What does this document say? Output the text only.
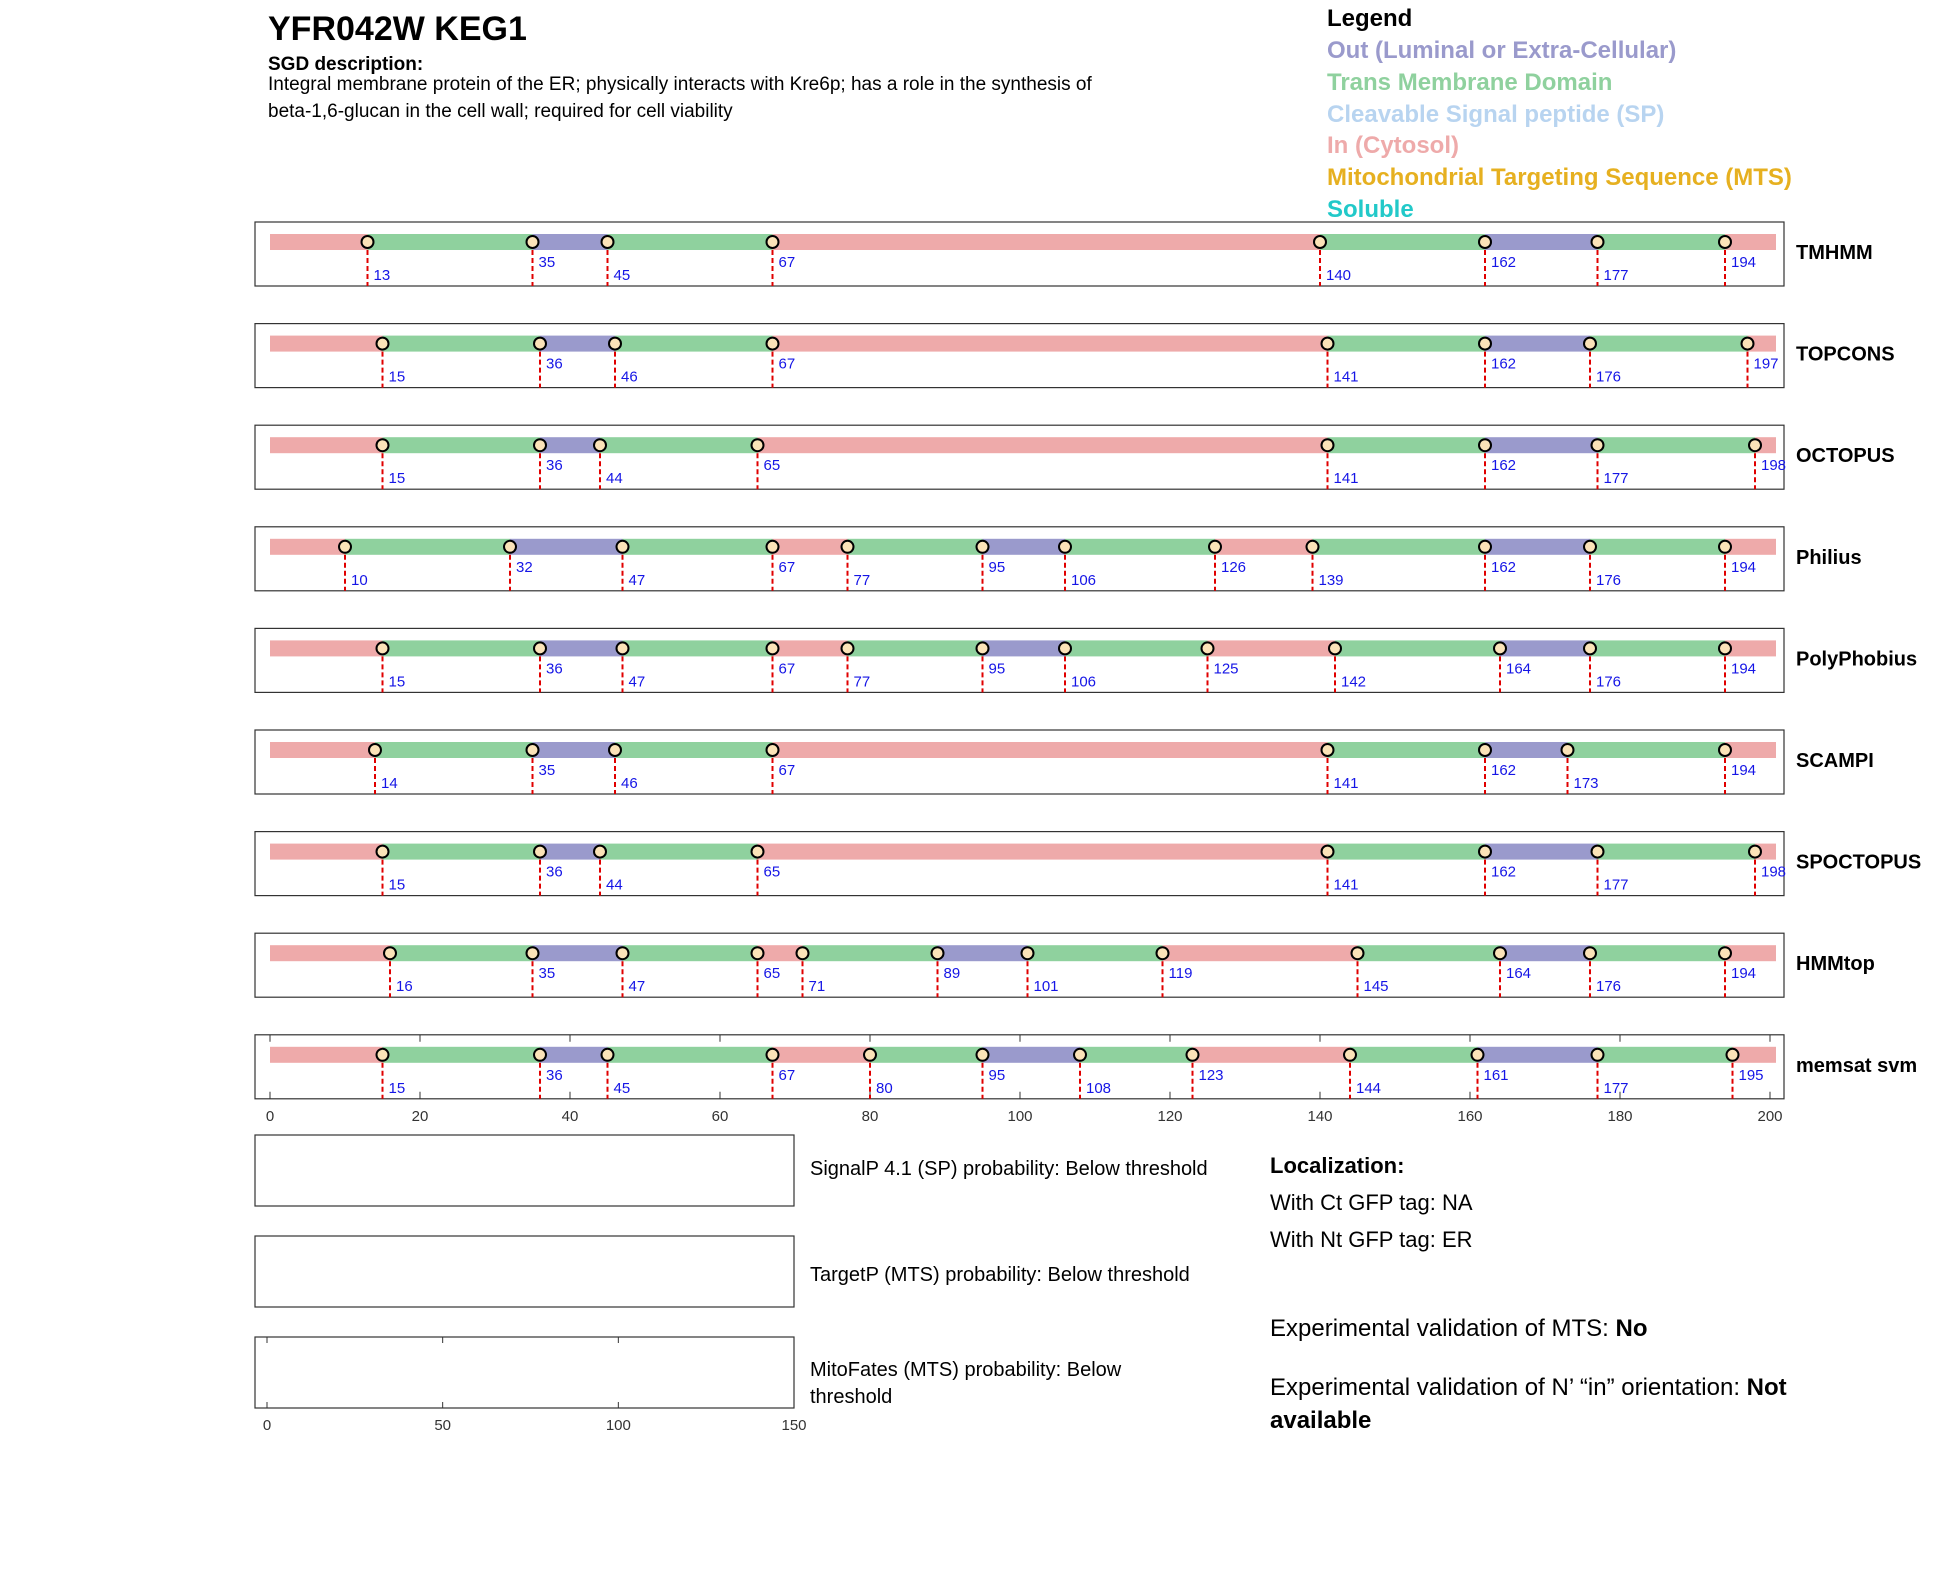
YFR042W KEG1
SGD description:
Integral membrane protein of the ER; physically interacts with Kre6p; has a role in the synthesis of
beta-1,6-glucan in the cell wall; required for cell viability
Legend
Out (Luminal or Extra-Cellular)
Trans Membrane Domain
Cleavable Signal peptide (SP)
In (Cytosol)
Mitochondrial Targeting Sequence (MTS)
Soluble
13
35
45
67
140
162
177
194 TMHMM
15
36
46
67
141
162
176
197 TOPCONS
15
36
44
65
141
162
177
198 OCTOPUS
10
32
47
67
77
95
106
126
139
162
176
194 Philius
15
36
47
67
77
95
106
125
142
164
176
194 PolyPhobius
14
35
46
67
141
162
173
194 SCAMPI
15
36
44
65
141
162
177
198 SPOCTOPUS
16
35
47
65
71
89
101
119
145
164
176
194 HMMtop
0	20	40	60	80	100	120	140	160	180	200
15
36
45
67
80
95
108
123
144
161
177
195 memsat svm
0	50	100	150
SignalP 4.1 (SP) probability: Below threshold
TargetP (MTS) probability: Below threshold
MitoFates (MTS) probability: Below
threshold
Localization:
With Ct GFP tag: NA
With Nt GFP tag: ER
Experimental validation of MTS: No
Experimental validation of N’ “in” orientation: Not
available
